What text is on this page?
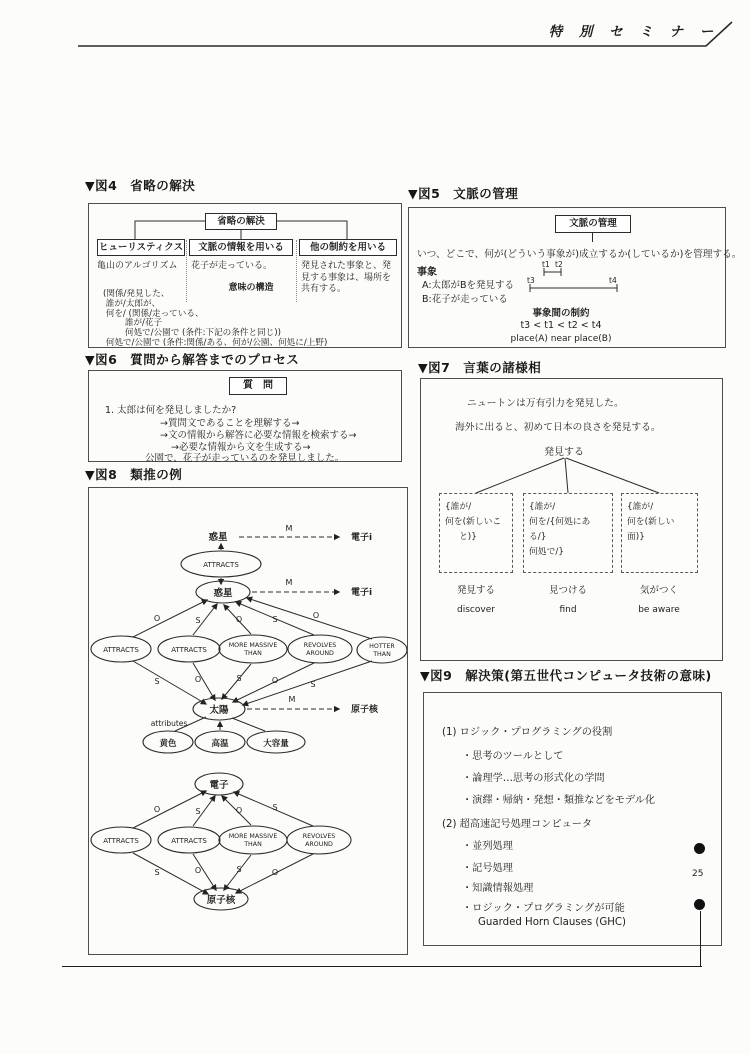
特 別 セ ミ ナ ー
▼図4　省略の解決
省略の解決
ヒューリスティクス	文脈の情報を用いる	他の制約を用いる
亀山のアルゴリズム	花子が走っている。	発見された事象と、発見する事象は、場所を共有する。
意味の構造
(関係/発見した、
誰が/太郎が、
何を/ (関係/走っている、
誰が/花子
何処で/公園で (条件:下記の条件と同じ))
何処で/公園で (条件:関係/ある、何が/公園、何処に/上野)
▼図5　文脈の管理
文脈の管理
いつ、どこで、何が(どういう事象が)成立するか(しているか)を管理する。
事象
A:太郎がBを発見する
B:花子が走っている
t1 t2
t3	t4
事象間の制約
t3 < t1 < t2 < t4
place(A) near place(B)
▼図6　質問から解答までのプロセス
質　問
1. 太郎は何を発見しましたか?
→質問文であることを理解する→
→文の情報から解答に必要な情報を検索する→
→必要な情報から文を生成する→
公園で、花子が走っているのを発見しました。
▼図7　言葉の諸様相
ニュートンは万有引力を発見した。
海外に出ると、初めて日本の良さを発見する。
発見する
{誰が/
何を(新しいこ
と)}
{誰が/
何を/{何処にある/}
何処で/}
{誰が/
何を(新しい面)}
発見する
discover
見つける
find
気がつく
be aware
▼図8　類推の例
惑星
M
電子i
ATTRACTS
惑星
M
電子i
O	S	O	S	O
S	O	S	O	S
ATTRACTS	ATTRACTS
MORE MASSIVE
THAN
REVOLVES
AROUND
HOTTER
THAN
太陽
M
原子核
attributes
黄色	高温	大容量
電子
O	S	O	S
S	O	S	O
ATTRACTS	ATTRACTS
MORE MASSIVE
THAN
REVOLVES
AROUND
原子核
▼図9　解決策(第五世代コンピュータ技術の意味)
(1) ロジック・プログラミングの役割
・思考のツールとして
・論理学…思考の形式化の学問
・演繹・帰納・発想・類推などをモデル化
(2) 超高速記号処理コンピュータ
・並列処理
・記号処理
・知識情報処理
・ロジック・プログラミングが可能
Guarded Horn Clauses (GHC)
25
